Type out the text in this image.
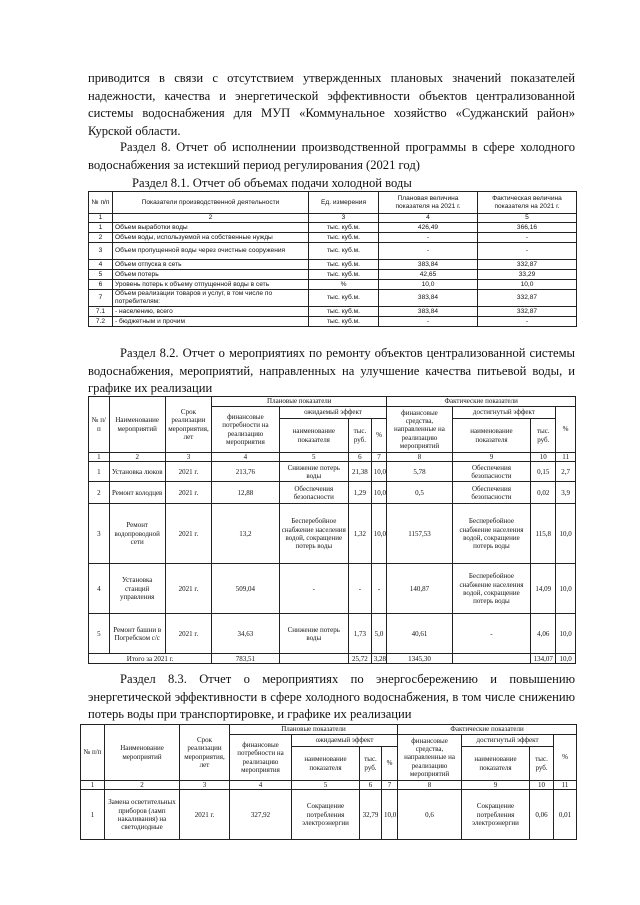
приводится в связи с отсутствием утвержденных плановых значений показателей надежности, качества и энергетической эффективности объектов централизованной системы водоснабжения для МУП «Коммунальное хозяйство «Суджанский район» Курской области.
Раздел 8. Отчет об исполнении производственной программы в сфере холодного водоснабжения за истекший период регулирования (2021 год)
Раздел 8.1. Отчет об объемах подачи холодной воды
№ п/п	Показатели производственной деятельности	Ед. измерения	Плановая величина показателя на 2021 г.	Фактическая величина показателя на 2021 г.
1	2	3	4	5
1	Объем выработки воды	тыс. куб.м.	426,49	366,16
2	Объем воды, используемой на собственные нужды	тыс. куб.м.	-	-
3	Объем пропущенной воды через очистные сооружения	тыс. куб.м.	-	-
4	Объем отпуска в сеть	тыс. куб.м.	383,84	332,87
5	Объем потерь	тыс. куб.м.	42,65	33,29
6	Уровень потерь к объему отпущенной воды в сеть	%	10,0	10,0
7	Объем реализации товаров и услуг, в том числе по потребителям:	тыс. куб.м.	383,84	332,87
7.1	- населению, всего	тыс. куб.м.	383,84	332,87
7.2	- бюджетным и прочим	тыс. куб.м.	-	-
Раздел 8.2. Отчет о мероприятиях по ремонту объектов централизованной системы водоснабжения, мероприятий, направленных на улучшение качества питьевой воды, и графике их реализации
№ п/п	Наименование мероприятий	Срок реализации мероприятия, лет	Плановые показатели				Фактические показатели			
			финансовые потребности на реализацию мероприятия	ожидаемый эффект			финансовые средства, направленные на реализацию мероприятий	достигнутый эффект		%
				наименование показателя	тыс. руб.	%		наименование показателя	тыс. руб.	
1	2	3	4	5	6	7	8	9	10	11
1	Установка люков	2021 г.	213,76	Снижение потерь воды	21,38	10,0	5,78	Обеспечения безопасности	0,15	2,7
2	Ремонт колодцев	2021 г.	12,88	Обеспечения безопасности	1,29	10,0	0,5	Обеспечения безопасности	0,02	3,9
3	Ремонт водопроводной сети	2021 г.	13,2	Бесперебойное снабжение населения водой, сокращение потерь воды	1,32	10,0	1157,53	Бесперебойное снабжение населения водой, сокращение потерь воды	115,8	10,0
4	Установка станций управления	2021 г.	509,04	-	-	-	140,87	Бесперебойное снабжение населения водой, сокращение потерь воды	14,09	10,0
5	Ремонт башни в Погребском с/с	2021 г.	34,63	Снижение потерь воды	1,73	5,0	40,61	-	4,06	10,0
Итого за 2021 г.			783,51		25,72	3,28	1345,30		134,07	10,0
Раздел 8.3. Отчет о мероприятиях по энергосбережению и повышению энергетической эффективности в сфере холодного водоснабжения, в том числе снижению потерь воды при транспортировке, и графике их реализации
№ п/п	Наименование мероприятий	Срок реализации мероприятия, лет	Плановые показатели				Фактические показатели			
			финансовые потребности на реализацию мероприятия	ожидаемый эффект			финансовые средства, направленные на реализацию мероприятий	достигнутый эффект		%
				наименование показателя	тыс. руб.	%		наименование показателя	тыс. руб.	
1	2	3	4	5	6	7	8	9	10	11
1	Замена осветительных приборов (ламп накаливания) на светодиодные	2021 г.	327,92	Сокращение потребления электроэнергии	32,79	10,0	0,6	Сокращение потребления электроэнергии	0,06	0,01
